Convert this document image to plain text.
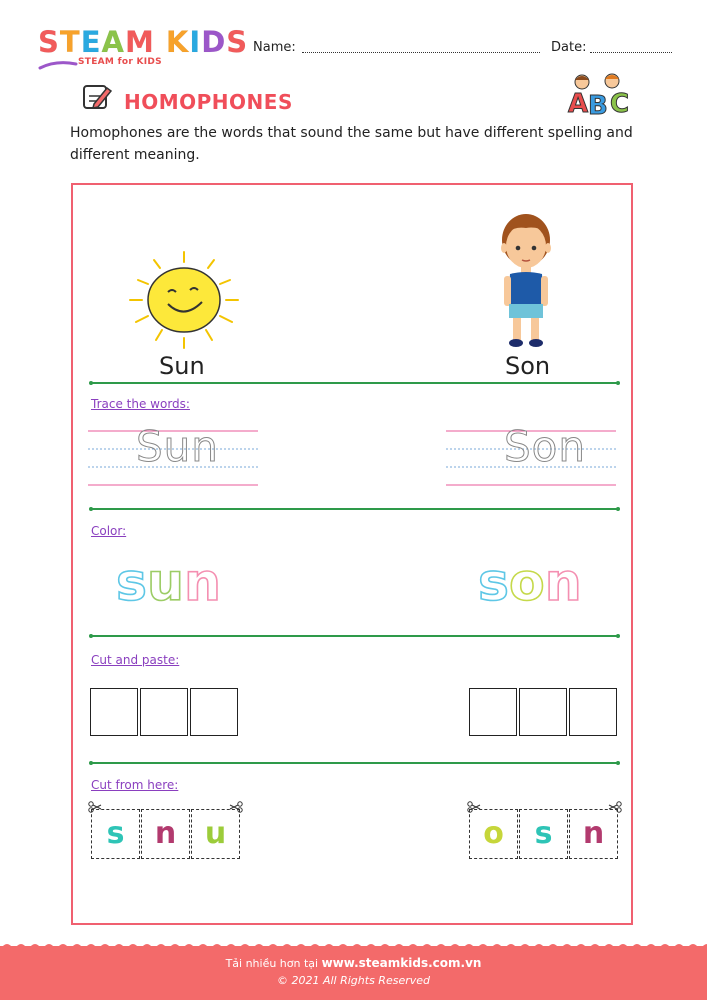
STEAM KIDS
STEAM for KIDS
Name:	Date:
HOMOPHONES	A B C
Homophones are the words that sound the same but have different spelling and different meaning.
Sun	Son
Trace the words:
Sun	Son
Color:
s u n	s o n
Cut and paste:
Cut from here:
s	n u	o	s	n
Tải nhiều hơn tại www.steamkids.com.vn
© 2021 All Rights Reserved
